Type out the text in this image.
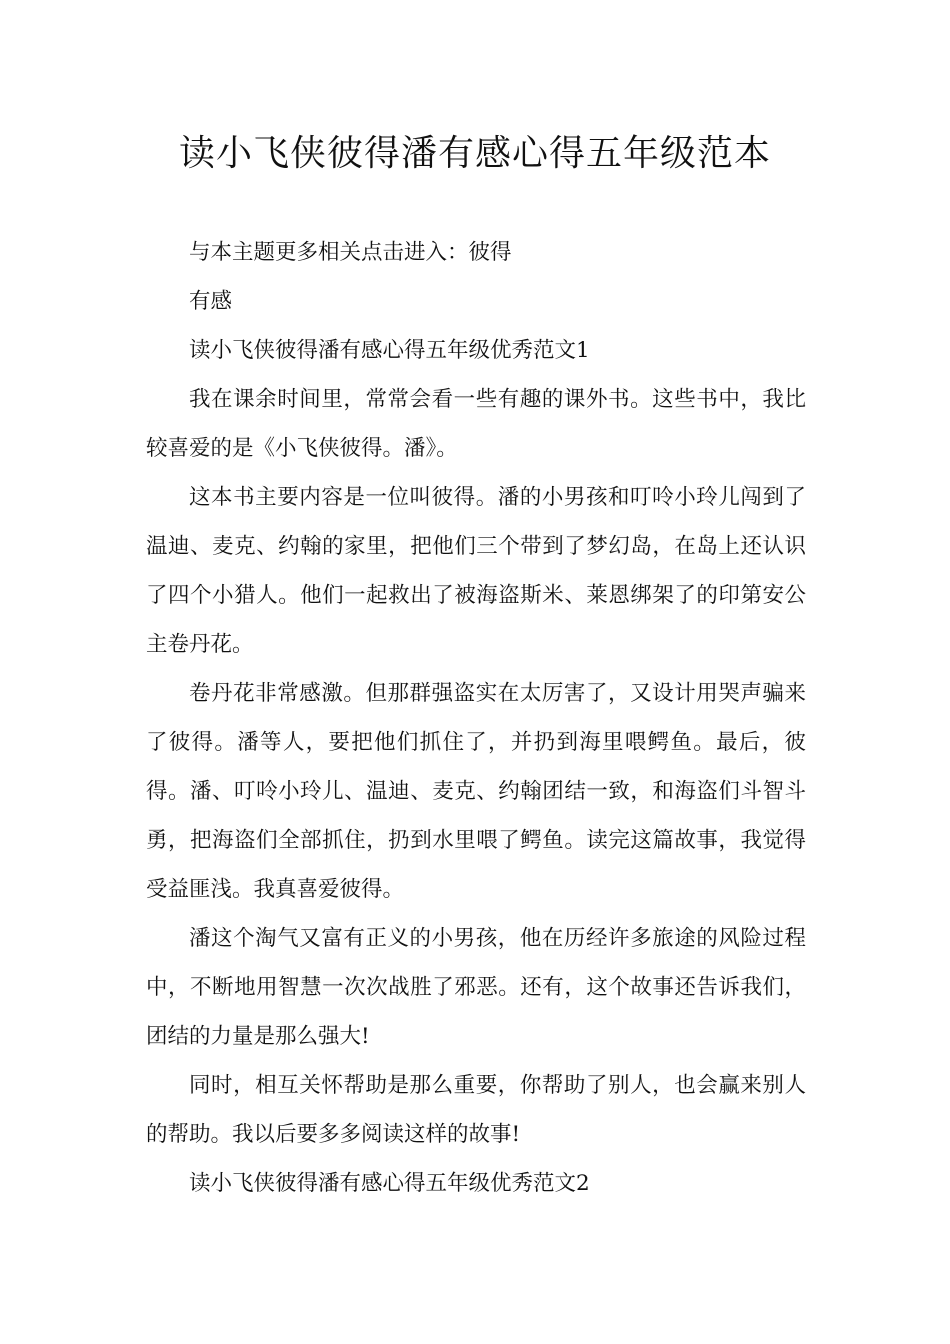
读小飞侠彼得潘有感心得五年级范本

与本主题更多相关点击进入：彼得

有感

读小飞侠彼得潘有感心得五年级优秀范文1

我在课余时间里，常常会看一些有趣的课外书。这些书中，我比较喜爱的是《小飞侠彼得。潘》。

这本书主要内容是一位叫彼得。潘的小男孩和叮呤小玲儿闯到了温迪、麦克、约翰的家里，把他们三个带到了梦幻岛，在岛上还认识了四个小猎人。他们一起救出了被海盗斯米、莱恩绑架了的印第安公主卷丹花。

卷丹花非常感激。但那群强盗实在太厉害了，又设计用哭声骗来了彼得。潘等人，要把他们抓住了，并扔到海里喂鳄鱼。最后，彼得。潘、叮呤小玲儿、温迪、麦克、约翰团结一致，和海盗们斗智斗勇，把海盗们全部抓住，扔到水里喂了鳄鱼。读完这篇故事，我觉得受益匪浅。我真喜爱彼得。

潘这个淘气又富有正义的小男孩，他在历经许多旅途的风险过程中，不断地用智慧一次次战胜了邪恶。还有，这个故事还告诉我们，团结的力量是那么强大!

同时，相互关怀帮助是那么重要，你帮助了别人，也会赢来别人的帮助。我以后要多多阅读这样的故事!

读小飞侠彼得潘有感心得五年级优秀范文2
